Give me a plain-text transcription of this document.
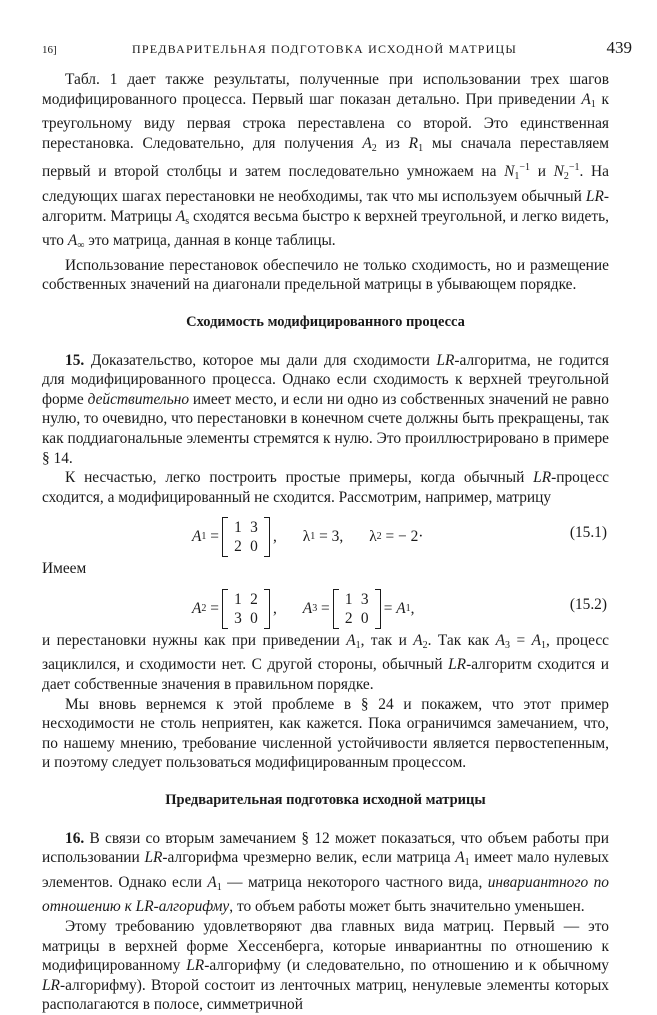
16]	ПРЕДВАРИТЕЛЬНАЯ ПОДГОТОВКА ИСХОДНОЙ МАТРИЦЫ	439

Табл. 1 дает также результаты, полученные при использовании трех шагов модифицированного процесса. Первый шаг показан детально. При приведении $A_1$ к треугольному виду первая строка переставлена со второй. Это единственная перестановка. Следовательно, для получения $A_2$ из $R_1$ мы сначала переставляем первый и второй столбцы и затем последовательно умножаем на $N_1^{-1}$ и $N_2^{-1}$. На следующих шагах перестановки не необходимы, так что мы используем обычный LR-алгоритм. Матрицы $A_s$ сходятся весьма быстро к верхней треугольной, и легко видеть, что $A_\infty$ это матрица, данная в конце таблицы.

Использование перестановок обеспечило не только сходимость, но и размещение собственных значений на диагонали предельной матрицы в убывающем порядке.

Сходимость модифицированного процесса

15. Доказательство, которое мы дали для сходимости LR-алгоритма, не годится для модифицированного процесса. Однако если сходимость к верхней треугольной форме действительно имеет место, и если ни одно из собственных значений не равно нулю, то очевидно, что перестановки в конечном счете должны быть прекращены, так как поддиагональные элементы стремятся к нулю. Это проиллюстрировано в примере § 14.

К несчастью, легко построить простые примеры, когда обычный LR-процесс сходится, а модифицированный не сходится. Рассмотрим, например, матрицу

A 1 =
1 3
2 0
, λ 1
= 3, λ 2
= − 2·	(15.1)

Имеем

A 2 =
1 2
3 0
, A 3 =
1 3
2 0
= A 1 ,	(15.2)

и перестановки нужны как при приведении $A_1$, так и $A_2$. Так как $A_3 = A_1$, процесс зациклился, и сходимости нет. С другой стороны, обычный LR-алгоритм сходится и дает собственные значения в правильном порядке.

Мы вновь вернемся к этой проблеме в § 24 и покажем, что этот пример несходимости не столь неприятен, как кажется. Пока ограничимся замечанием, что, по нашему мнению, требование численной устойчивости является первостепенным, и поэтому следует пользоваться модифицированным процессом.

Предварительная подготовка исходной матрицы

16. В связи со вторым замечанием § 12 может показаться, что объем работы при использовании LR-алгорифма чрезмерно велик, если матрица $A_1$ имеет мало нулевых элементов. Однако если $A_1$ — матрица некоторого частного вида, инвариантного по отношению к LR-алгорифму, то объем работы может быть значительно уменьшен.

Этому требованию удовлетворяют два главных вида матриц. Первый — это матрицы в верхней форме Хессенберга, которые инвариантны по отношению к модифицированному LR-алгорифму (и следовательно, по отношению и к обычному LR-алгорифму). Второй состоит из ленточных матриц, ненулевые элементы которых располагаются в полосе, симметричной
